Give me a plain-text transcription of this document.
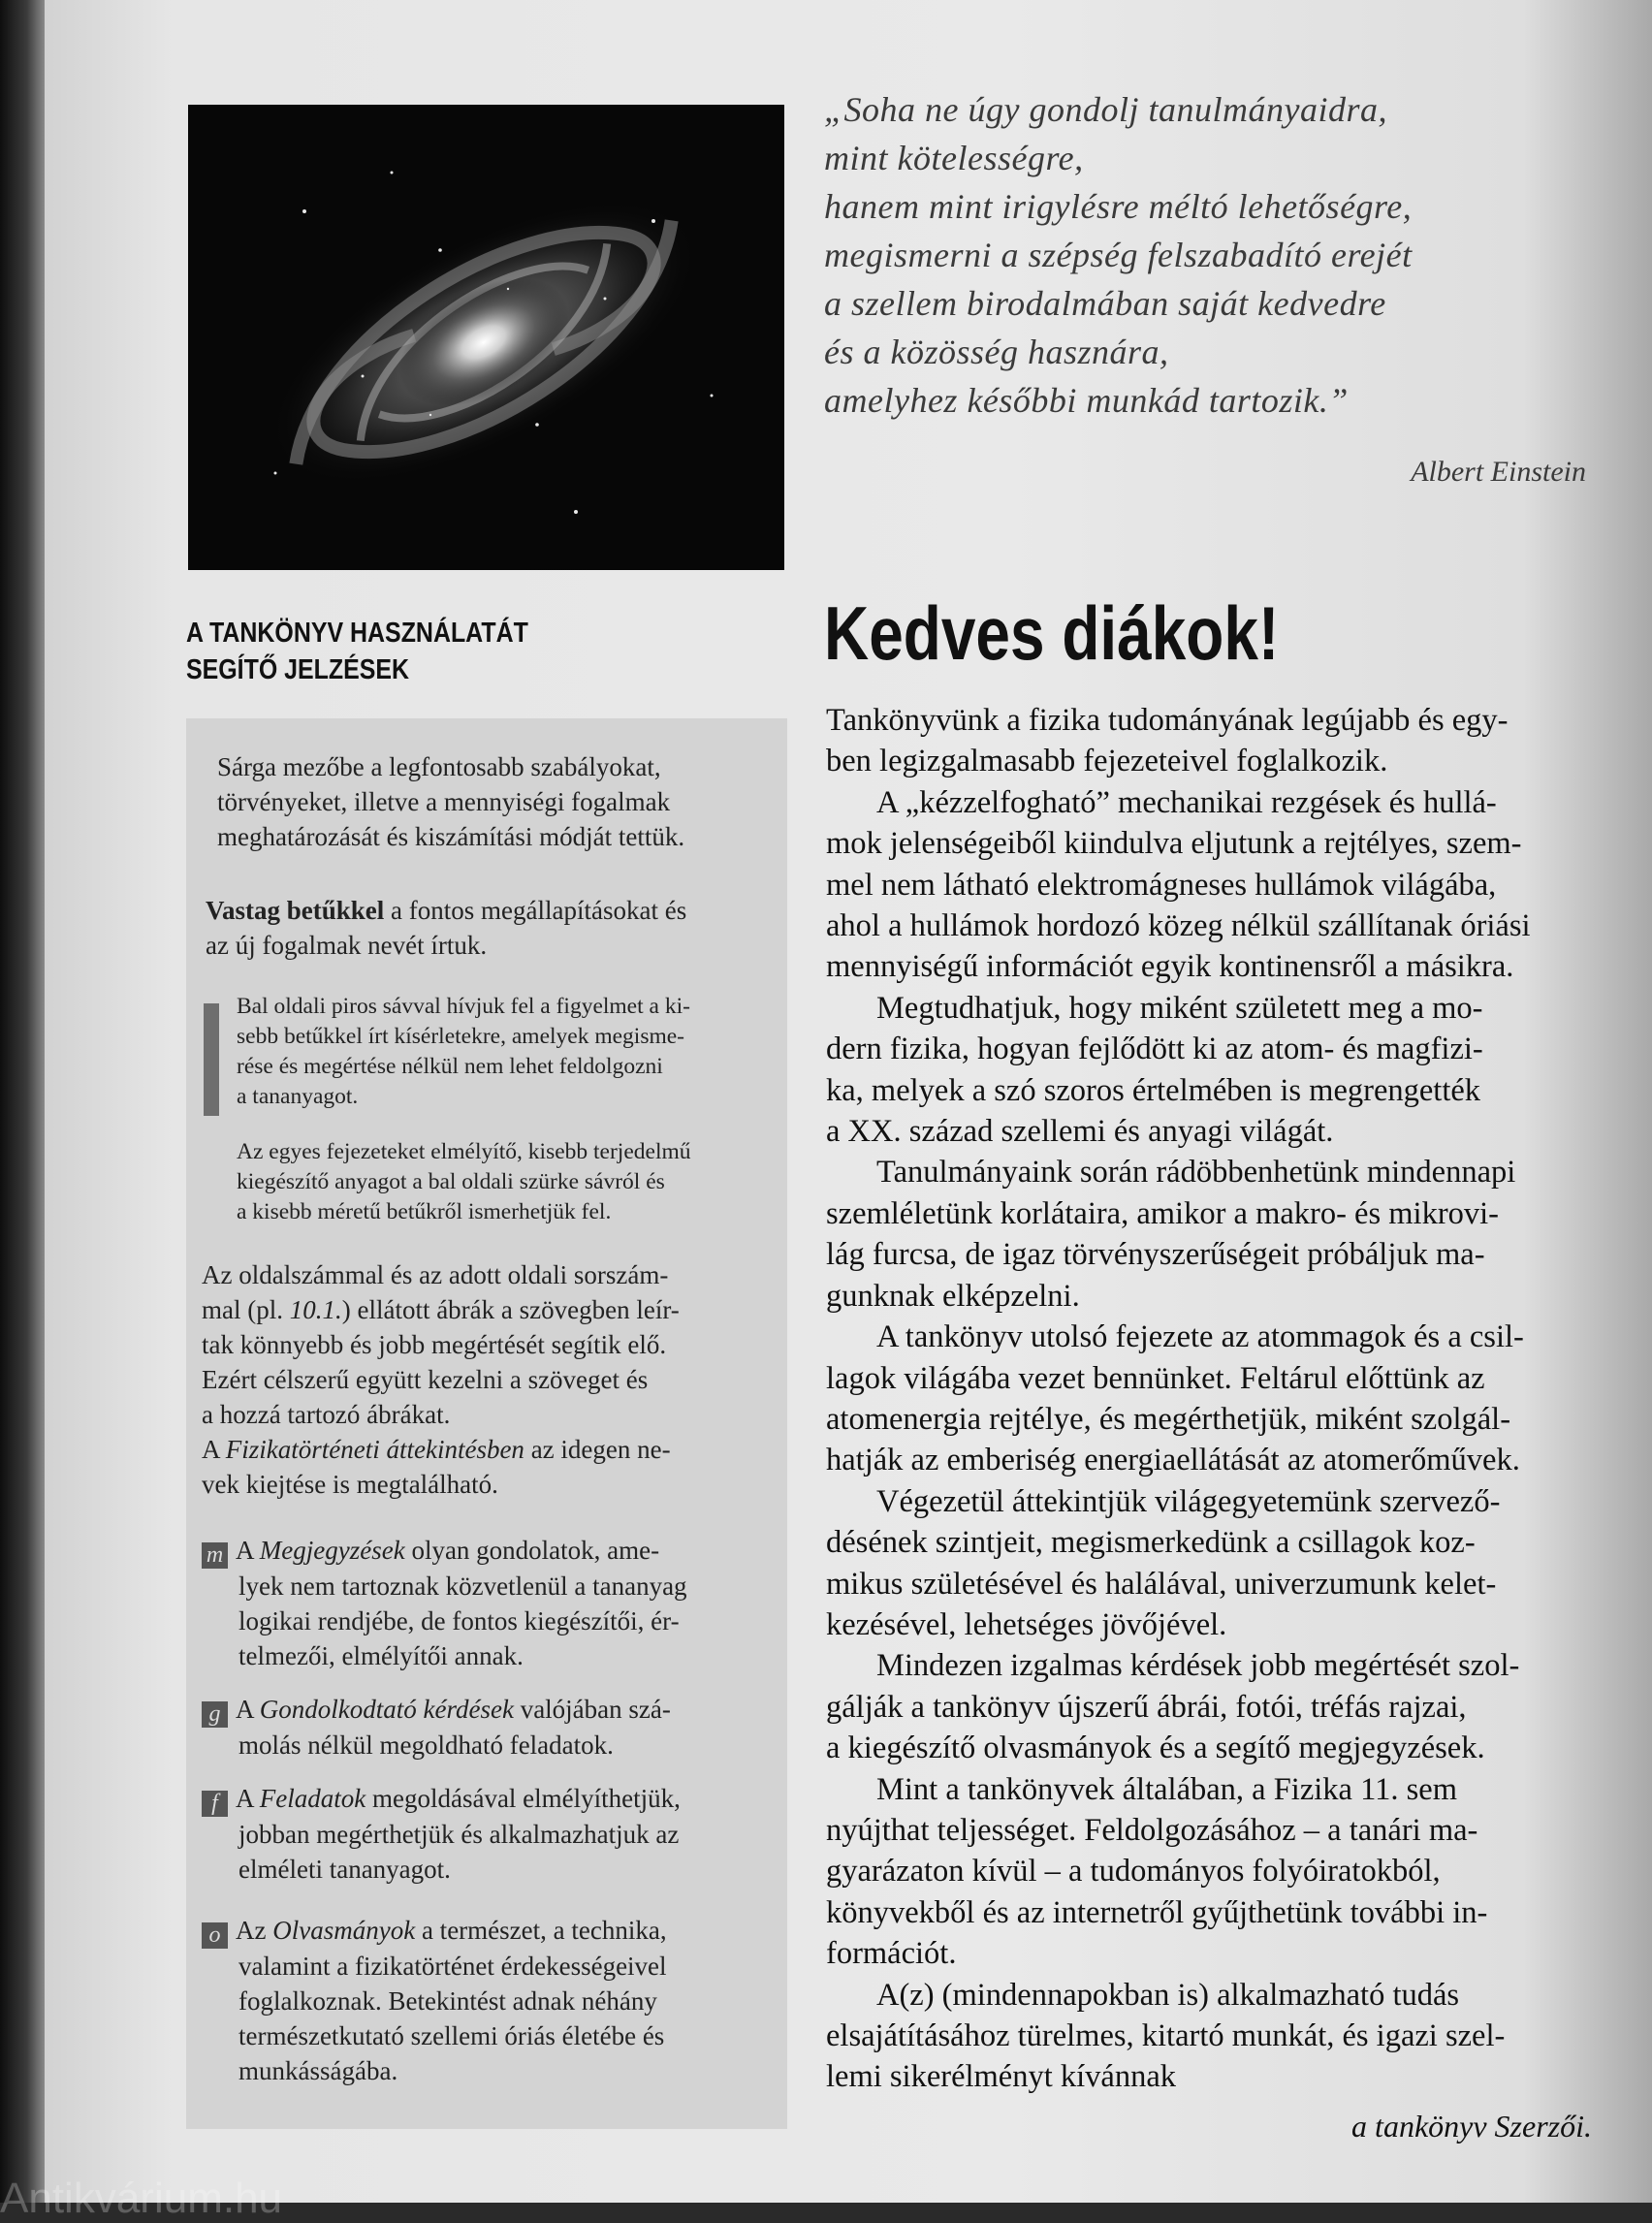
„Soha ne úgy gondolj tanulmányaidra,
mint kötelességre,
hanem mint irigylésre méltó lehetőségre,
megismerni a szépség felszabadító erejét
a szellem birodalmában saját kedvedre
és a közösség hasznára,
amelyhez későbbi munkád tartozik.”
Albert Einstein
A TANKÖNYV HASZNÁLATÁT
SEGÍTŐ JELZÉSEK
Sárga mezőbe a legfontosabb szabályokat,
törvényeket, illetve a mennyiségi fogalmak
meghatározását és kiszámítási módját tettük.
Vastag betűkkel a fontos megállapításokat és
az új fogalmak nevét írtuk.
Bal oldali piros sávval hívjuk fel a figyelmet a ki-
sebb betűkkel írt kísérletekre, amelyek megisme-
rése és megértése nélkül nem lehet feldolgozni
a tananyagot.
Az egyes fejezeteket elmélyítő, kisebb terjedelmű
kiegészítő anyagot a bal oldali szürke sávról és
a kisebb méretű betűkről ismerhetjük fel.
Az oldalszámmal és az adott oldali sorszám-
mal (pl. 10.1.) ellátott ábrák a szövegben leír-
tak könnyebb és jobb megértését segítik elő.
Ezért célszerű együtt kezelni a szöveget és
a hozzá tartozó ábrákat.
A Fizikatörténeti áttekintésben az idegen ne-
vek kiejtése is megtalálható.
m A Megjegyzések olyan gondolatok, ame-
lyek nem tartoznak közvetlenül a tananyag
logikai rendjébe, de fontos kiegészítői, ér-
telmezői, elmélyítői annak.
g A Gondolkodtató kérdések valójában szá-
molás nélkül megoldható feladatok.
f A Feladatok megoldásával elmélyíthetjük,
jobban megérthetjük és alkalmazhatjuk az
elméleti tananyagot.
o Az Olvasmányok a természet, a technika,
valamint a fizikatörténet érdekességeivel
foglalkoznak. Betekintést adnak néhány
természetkutató szellemi óriás életébe és
munkásságába.
Kedves diákok!
Tankönyvünk a fizika tudományának legújabb és egy-
ben legizgalmasabb fejezeteivel foglalkozik.
A „kézzelfogható” mechanikai rezgések és hullá-
mok jelenségeiből kiindulva eljutunk a rejtélyes, szem-
mel nem látható elektromágneses hullámok világába,
ahol a hullámok hordozó közeg nélkül szállítanak óriási
mennyiségű információt egyik kontinensről a másikra.
Megtudhatjuk, hogy miként született meg a mo-
dern fizika, hogyan fejlődött ki az atom- és magfizi-
ka, melyek a szó szoros értelmében is megrengették
a XX. század szellemi és anyagi világát.
Tanulmányaink során rádöbbenhetünk mindennapi
szemléletünk korlátaira, amikor a makro- és mikrovi-
lág furcsa, de igaz törvényszerűségeit próbáljuk ma-
gunknak elképzelni.
A tankönyv utolsó fejezete az atommagok és a csil-
lagok világába vezet bennünket. Feltárul előttünk az
atomenergia rejtélye, és megérthetjük, miként szolgál-
hatják az emberiség energiaellátását az atomerőművek.
Végezetül áttekintjük világegyetemünk szervező-
désének szintjeit, megismerkedünk a csillagok koz-
mikus születésével és halálával, univerzumunk kelet-
kezésével, lehetséges jövőjével.
Mindezen izgalmas kérdések jobb megértését szol-
gálják a tankönyv újszerű ábrái, fotói, tréfás rajzai,
a kiegészítő olvasmányok és a segítő megjegyzések.
Mint a tankönyvek általában, a Fizika 11. sem
nyújthat teljességet. Feldolgozásához – a tanári ma-
gyarázaton kívül – a tudományos folyóiratokból,
könyvekből és az internetről gyűjthetünk további in-
formációt.
A(z) (mindennapokban is) alkalmazható tudás
elsajátításához türelmes, kitartó munkát, és igazi szel-
lemi sikerélményt kívánnak
a tankönyv Szerzői.
Antikvárium.hu
